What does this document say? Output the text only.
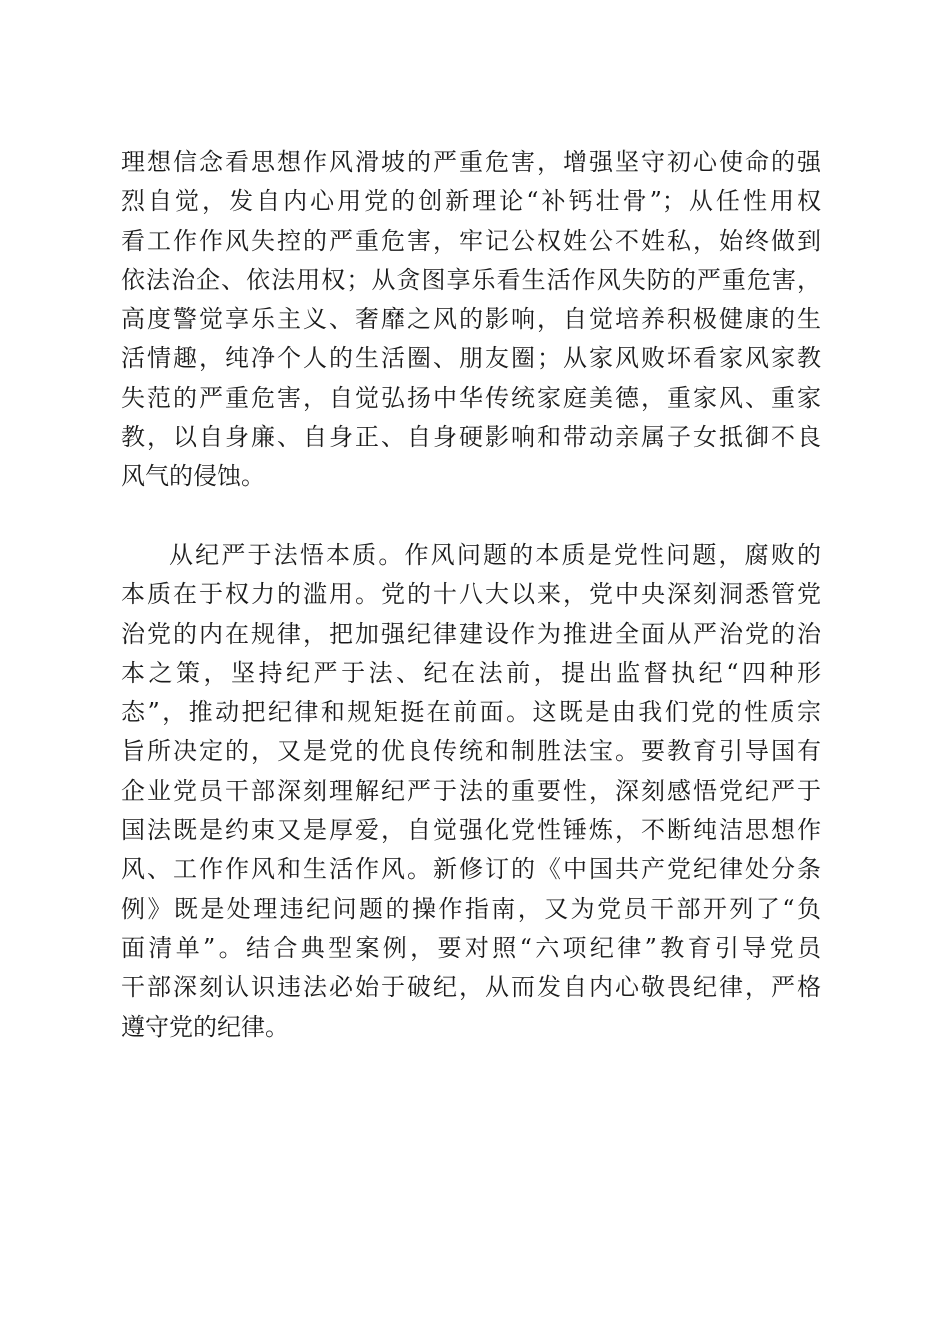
理想信念看思想作风滑坡的严重危害，增强坚守初心使命的强
烈自觉，发自内心用党的创新理论“补钙壮骨”；从任性用权
看工作作风失控的严重危害，牢记公权姓公不姓私，始终做到
依法治企、依法用权；从贪图享乐看生活作风失防的严重危害，
高度警觉享乐主义、奢靡之风的影响，自觉培养积极健康的生
活情趣，纯净个人的生活圈、朋友圈；从家风败坏看家风家教
失范的严重危害，自觉弘扬中华传统家庭美德，重家风、重家
教，以自身廉、自身正、自身硬影响和带动亲属子女抵御不良
风气的侵蚀。
从纪严于法悟本质。作风问题的本质是党性问题，腐败的
本质在于权力的滥用。党的十八大以来，党中央深刻洞悉管党
治党的内在规律，把加强纪律建设作为推进全面从严治党的治
本之策，坚持纪严于法、纪在法前，提出监督执纪“四种形
态”，推动把纪律和规矩挺在前面。这既是由我们党的性质宗
旨所决定的，又是党的优良传统和制胜法宝。要教育引导国有
企业党员干部深刻理解纪严于法的重要性，深刻感悟党纪严于
国法既是约束又是厚爱，自觉强化党性锤炼，不断纯洁思想作
风、工作作风和生活作风。新修订的《中国共产党纪律处分条
例》既是处理违纪问题的操作指南，又为党员干部开列了“负
面清单”。结合典型案例，要对照“六项纪律”教育引导党员
干部深刻认识违法必始于破纪，从而发自内心敬畏纪律，严格
遵守党的纪律。
